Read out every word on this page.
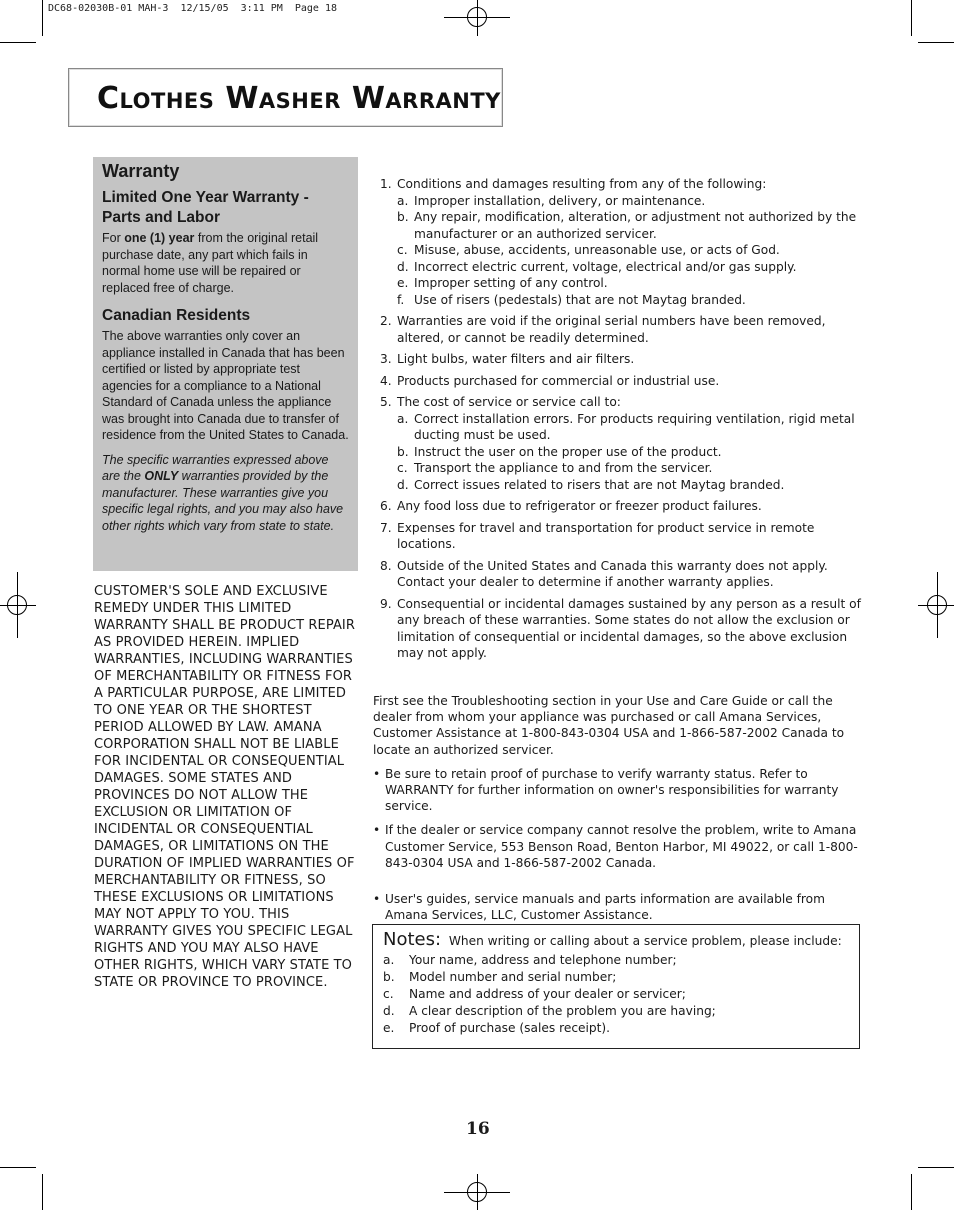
DC68-02030B-01 MAH-3  12/15/05  3:11 PM  Page 18
Clothes Washer Warranty
Warranty
Limited One Year Warranty - Parts and Labor

For one (1) year from the original retail purchase date, any part which fails in normal home use will be repaired or replaced free of charge.

Canadian Residents

The above warranties only cover an appliance installed in Canada that has been certified or listed by appropriate test agencies for a compliance to a National Standard of Canada unless the appliance was brought into Canada due to transfer of residence from the United States to Canada.

The specific warranties expressed above are the ONLY warranties provided by the manufacturer. These warranties give you specific legal rights, and you may also have other rights which vary from state to state.

CUSTOMER'S SOLE AND EXCLUSIVE
REMEDY UNDER THIS LIMITED
WARRANTY SHALL BE PRODUCT REPAIR
AS PROVIDED HEREIN. IMPLIED
WARRANTIES, INCLUDING WARRANTIES
OF MERCHANTABILITY OR FITNESS FOR
A PARTICULAR PURPOSE, ARE LIMITED
TO ONE YEAR OR THE SHORTEST
PERIOD ALLOWED BY LAW. AMANA
CORPORATION SHALL NOT BE LIABLE
FOR INCIDENTAL OR CONSEQUENTIAL
DAMAGES. SOME STATES AND
PROVINCES DO NOT ALLOW THE
EXCLUSION OR LIMITATION OF
INCIDENTAL OR CONSEQUENTIAL
DAMAGES, OR LIMITATIONS ON THE
DURATION OF IMPLIED WARRANTIES OF
MERCHANTABILITY OR FITNESS, SO
THESE EXCLUSIONS OR LIMITATIONS
MAY NOT APPLY TO YOU. THIS
WARRANTY GIVES YOU SPECIFIC LEGAL
RIGHTS AND YOU MAY ALSO HAVE
OTHER RIGHTS, WHICH VARY STATE TO
STATE OR PROVINCE TO PROVINCE.
1. Conditions and damages resulting from any of the following:
a. Improper installation, delivery, or maintenance.
b. Any repair, modification, alteration, or adjustment not authorized by the manufacturer or an authorized servicer.
c. Misuse, abuse, accidents, unreasonable use, or acts of God.
d. Incorrect electric current, voltage, electrical and/or gas supply.
e. Improper setting of any control.
f. Use of risers (pedestals) that are not Maytag branded.
2. Warranties are void if the original serial numbers have been removed, altered, or cannot be readily determined.
3. Light bulbs, water filters and air filters.
4. Products purchased for commercial or industrial use.
5. The cost of service or service call to:
a. Correct installation errors. For products requiring ventilation, rigid metal ducting must be used.
b. Instruct the user on the proper use of the product.
c. Transport the appliance to and from the servicer.
d. Correct issues related to risers that are not Maytag branded.
6. Any food loss due to refrigerator or freezer product failures.
7. Expenses for travel and transportation for product service in remote locations.
8. Outside of the United States and Canada this warranty does not apply. Contact your dealer to determine if another warranty applies.
9. Consequential or incidental damages sustained by any person as a result of any breach of these warranties. Some states do not allow the exclusion or limitation of consequential or incidental damages, so the above exclusion may not apply.

First see the Troubleshooting section in your Use and Care Guide or call the dealer from whom your appliance was purchased or call Amana Services, Customer Assistance at 1-800-843-0304 USA and 1-866-587-2002 Canada to locate an authorized servicer.

• Be sure to retain proof of purchase to verify warranty status. Refer to WARRANTY for further information on owner's responsibilities for warranty service.
• If the dealer or service company cannot resolve the problem, write to Amana Customer Service, 553 Benson Road, Benton Harbor, MI 49022, or call 1-800-843-0304 USA and 1-866-587-2002 Canada.
• User's guides, service manuals and parts information are available from Amana Services, LLC, Customer Assistance.
Notes: When writing or calling about a service problem, please include:
a. Your name, address and telephone number;
b. Model number and serial number;
c. Name and address of your dealer or servicer;
d. A clear description of the problem you are having;
e. Proof of purchase (sales receipt).
16
